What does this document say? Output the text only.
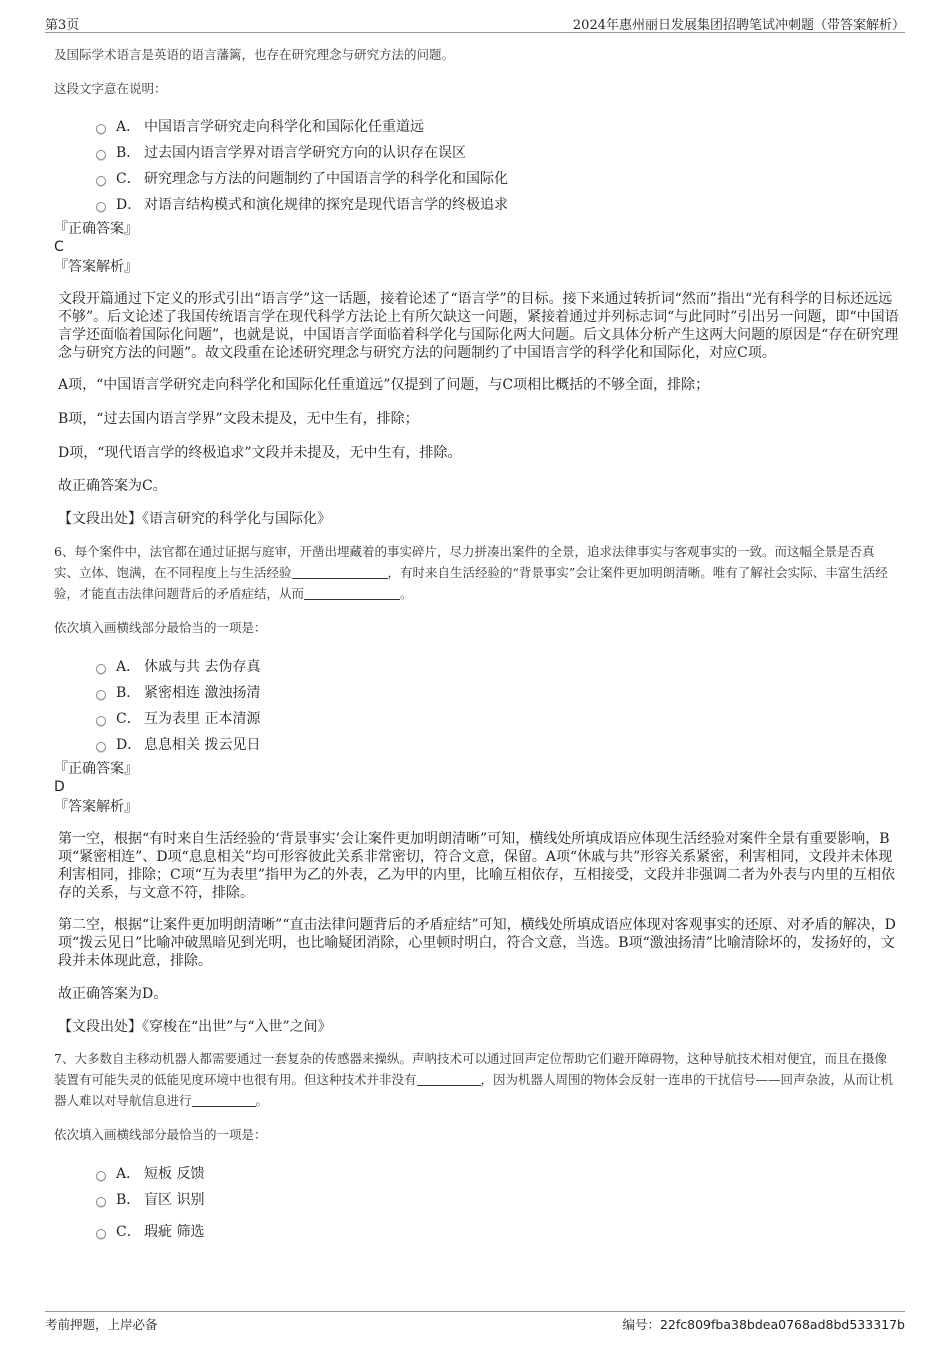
第3页	2024年惠州丽日发展集团招聘笔试冲刺题（带答案解析）
及国际学术语言是英语的语言藩篱，也存在研究理念与研究方法的问题。
这段文字意在说明：
A． 中国语言学研究走向科学化和国际化任重道远
B． 过去国内语言学界对语言学研究方向的认识存在误区
C． 研究理念与方法的问题制约了中国语言学的科学化和国际化
D． 对语言结构模式和演化规律的探究是现代语言学的终极追求
『正确答案』
C
『答案解析』
文段开篇通过下定义的形式引出“语言学”这一话题，接着论述了“语言学”的目标。接下来通过转折词“然而”指出“光有科学的目标还远远不够”。后文论述了我国传统语言学在现代科学方法论上有所欠缺这一问题，紧接着通过并列标志词“与此同时”引出另一问题，即“中国语言学还面临着国际化问题”，也就是说，中国语言学面临着科学化与国际化两大问题。后文具体分析产生这两大问题的原因是“存在研究理念与研究方法的问题”。故文段重在论述研究理念与研究方法的问题制约了中国语言学的科学化和国际化，对应C项。
A项，“中国语言学研究走向科学化和国际化任重道远”仅提到了问题，与C项相比概括的不够全面，排除；
B项，“过去国内语言学界”文段未提及，无中生有，排除；
D项，“现代语言学的终极追求”文段并未提及，无中生有，排除。
故正确答案为C。
【文段出处】《语言研究的科学化与国际化》
6、每个案件中，法官都在通过证据与庭审，开凿出埋藏着的事实碎片，尽力拼凑出案件的全景，追求法律事实与客观事实的一致。而这幅全景是否真实、立体、饱满，在不同程度上与生活经验	，有时来自生活经验的“背景事实”会让案件更加明朗清晰。唯有了解社会实际、丰富生活经验，才能直击法律问题背后的矛盾症结，从而	。
依次填入画横线部分最恰当的一项是：
A． 休戚与共 去伪存真
B． 紧密相连 激浊扬清
C． 互为表里 正本清源
D． 息息相关 拨云见日
『正确答案』
D
『答案解析』
第一空，根据“有时来自生活经验的‘背景事实’会让案件更加明朗清晰”可知，横线处所填成语应体现生活经验对案件全景有重要影响，B项“紧密相连”、D项“息息相关”均可形容彼此关系非常密切，符合文意，保留。A项“休戚与共”形容关系紧密，利害相同，文段并未体现利害相同，排除；C项“互为表里”指甲为乙的外表，乙为甲的内里，比喻互相依存，互相接受，文段并非强调二者为外表与内里的互相依存的关系，与文意不符，排除。
第二空，根据“让案件更加明朗清晰”“直击法律问题背后的矛盾症结”可知，横线处所填成语应体现对客观事实的还原、对矛盾的解决，D项“拨云见日”比喻冲破黑暗见到光明，也比喻疑团消除，心里顿时明白，符合文意，当选。B项“激浊扬清”比喻清除坏的，发扬好的，文段并未体现此意，排除。
故正确答案为D。
【文段出处】《穿梭在“出世”与“入世”之间》
7、大多数自主移动机器人都需要通过一套复杂的传感器来操纵。声呐技术可以通过回声定位帮助它们避开障碍物，这种导航技术相对便宜，而且在摄像装置有可能失灵的低能见度环境中也很有用。但这种技术并非没有	，因为机器人周围的物体会反射一连串的干扰信号——回声杂波，从而让机器人难以对导航信息进行	。
依次填入画横线部分最恰当的一项是：
A． 短板 反馈
B． 盲区 识别
C． 瑕疵 筛选
考前押题，上岸必备	编号：22fc809fba38bdea0768ad8bd533317b
